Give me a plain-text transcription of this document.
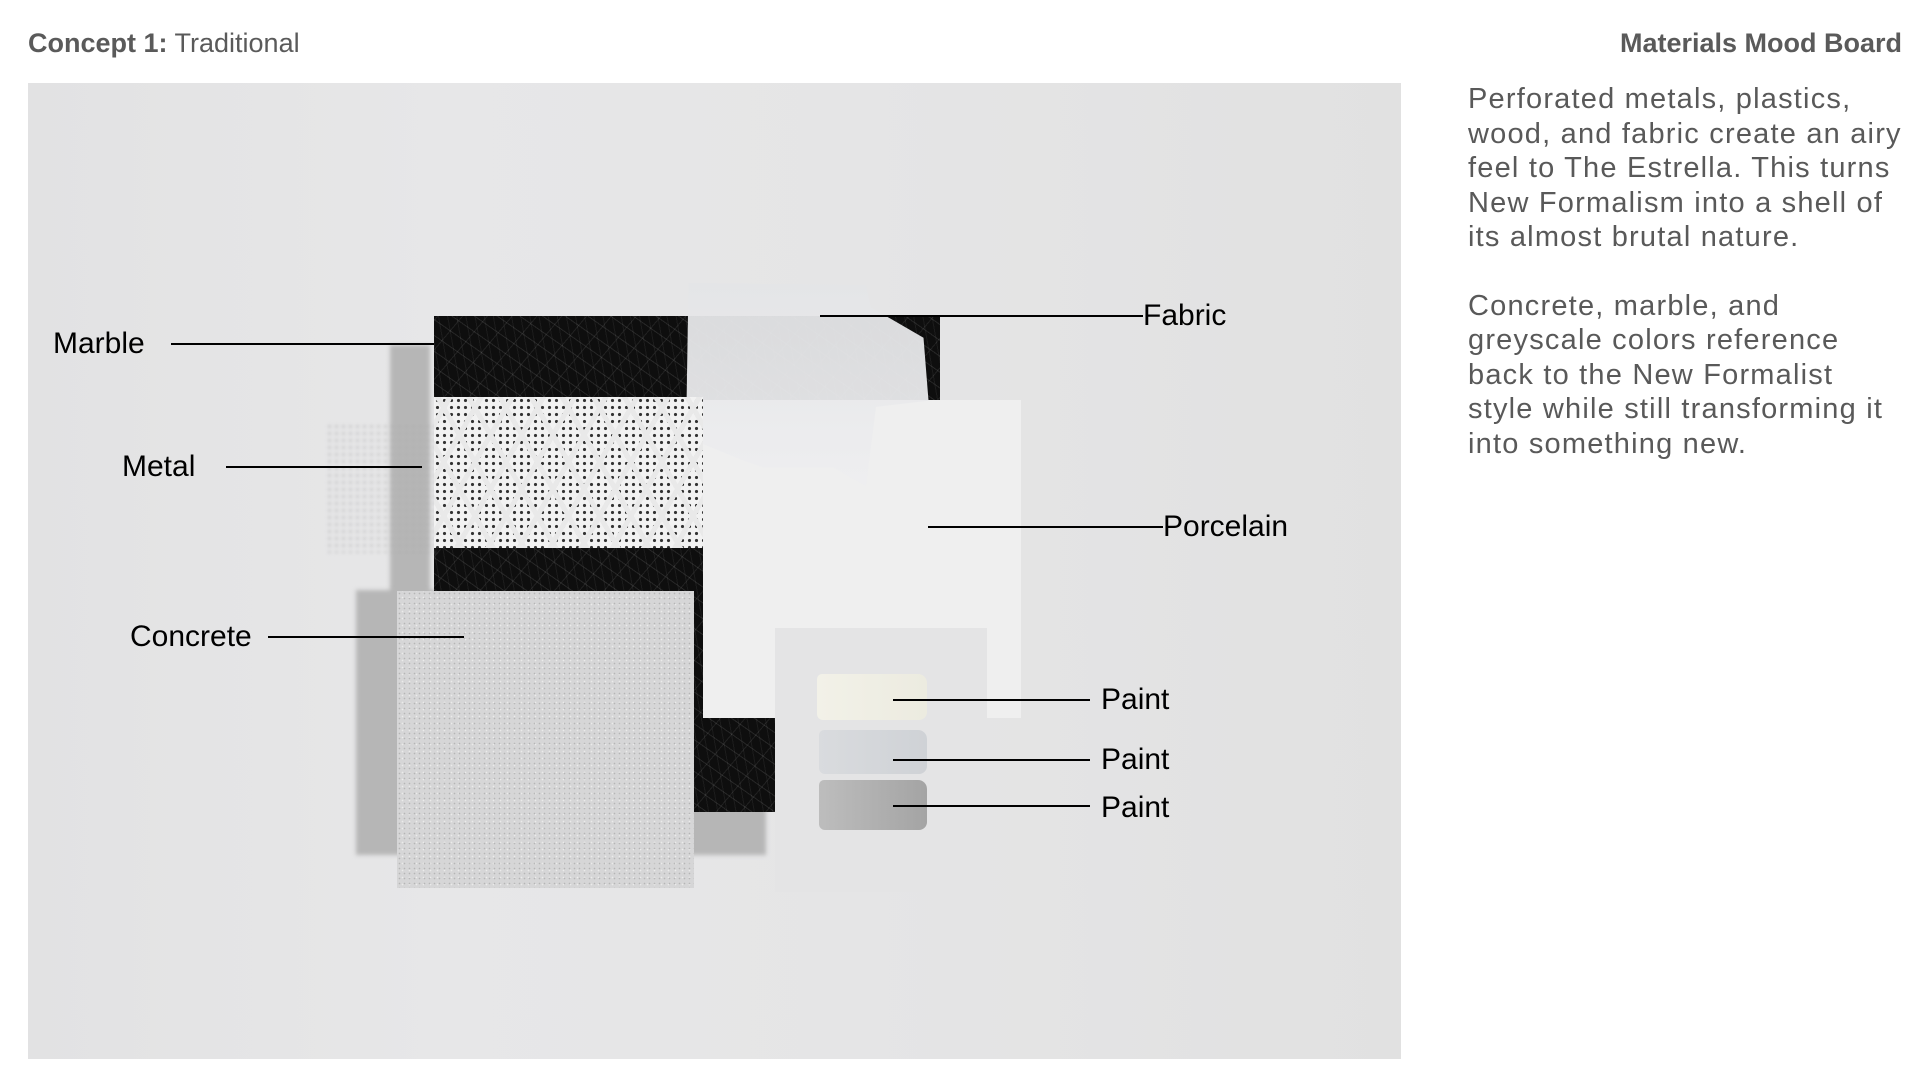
Concept 1: Traditional	Materials Mood Board
Marble
Metal
Concrete
Fabric
Porcelain
Paint
Paint
Paint

Perforated metals, plastics, wood, and fabric create an airy feel to The Estrella. This turns New Formalism into a shell of its almost brutal nature.

Concrete, marble, and greyscale colors reference back to the New Formalist style while still transforming it into something new.
